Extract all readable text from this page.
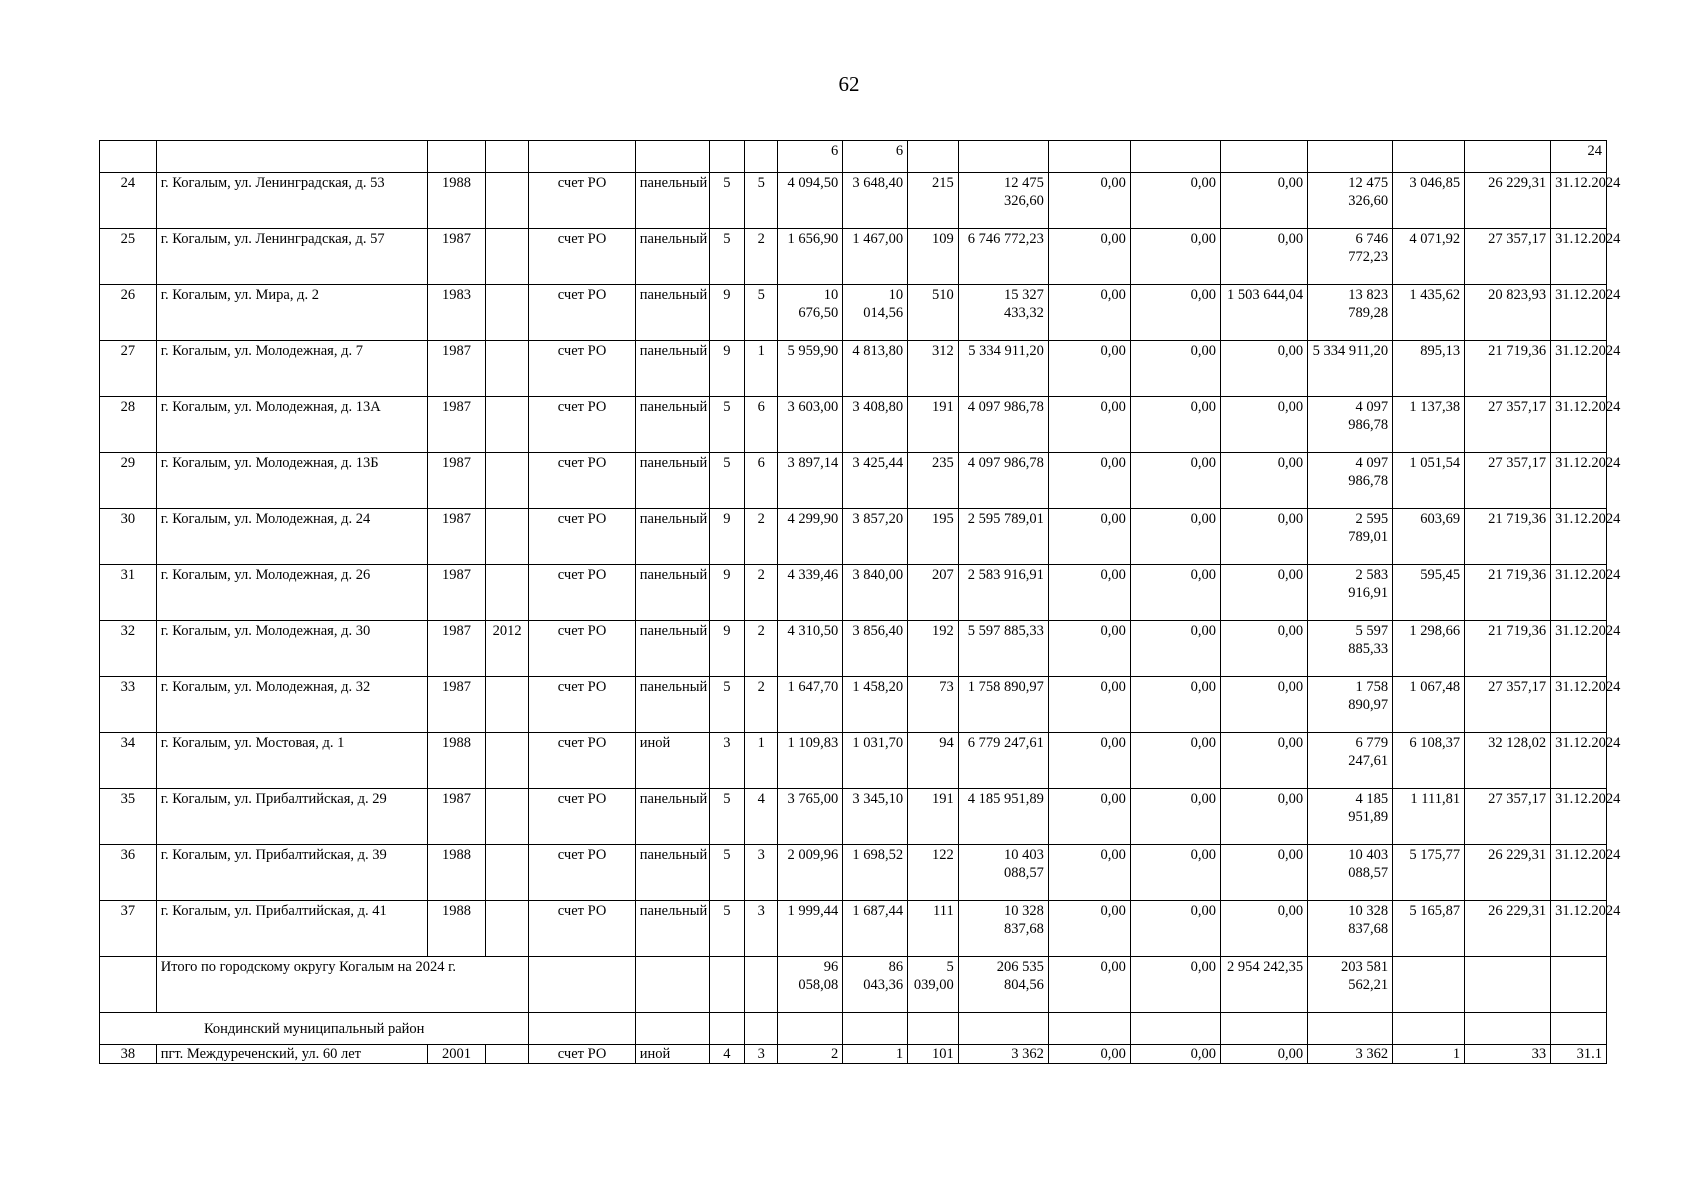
62
								6	6									24
24	г. Когалым, ул. Ленинградская, д. 53	1988		счет РО	панельный	5	5	4 094,50	3 648,40	215	12 475 326,60	0,00	0,00	0,00	12 475 326,60	3 046,85	26 229,31	31.12.2024
25	г. Когалым, ул. Ленинградская, д. 57	1987		счет РО	панельный	5	2	1 656,90	1 467,00	109	6 746 772,23	0,00	0,00	0,00	6 746 772,23	4 071,92	27 357,17	31.12.2024
26	г. Когалым, ул. Мира, д. 2	1983		счет РО	панельный	9	5	10 676,50	10 014,56	510	15 327 433,32	0,00	0,00	1 503 644,04	13 823 789,28	1 435,62	20 823,93	31.12.2024
27	г. Когалым, ул. Молодежная, д. 7	1987		счет РО	панельный	9	1	5 959,90	4 813,80	312	5 334 911,20	0,00	0,00	0,00	5 334 911,20	895,13	21 719,36	31.12.2024
28	г. Когалым, ул. Молодежная, д. 13А	1987		счет РО	панельный	5	6	3 603,00	3 408,80	191	4 097 986,78	0,00	0,00	0,00	4 097 986,78	1 137,38	27 357,17	31.12.2024
29	г. Когалым, ул. Молодежная, д. 13Б	1987		счет РО	панельный	5	6	3 897,14	3 425,44	235	4 097 986,78	0,00	0,00	0,00	4 097 986,78	1 051,54	27 357,17	31.12.2024
30	г. Когалым, ул. Молодежная, д. 24	1987		счет РО	панельный	9	2	4 299,90	3 857,20	195	2 595 789,01	0,00	0,00	0,00	2 595 789,01	603,69	21 719,36	31.12.2024
31	г. Когалым, ул. Молодежная, д. 26	1987		счет РО	панельный	9	2	4 339,46	3 840,00	207	2 583 916,91	0,00	0,00	0,00	2 583 916,91	595,45	21 719,36	31.12.2024
32	г. Когалым, ул. Молодежная, д. 30	1987	2012	счет РО	панельный	9	2	4 310,50	3 856,40	192	5 597 885,33	0,00	0,00	0,00	5 597 885,33	1 298,66	21 719,36	31.12.2024
33	г. Когалым, ул. Молодежная, д. 32	1987		счет РО	панельный	5	2	1 647,70	1 458,20	73	1 758 890,97	0,00	0,00	0,00	1 758 890,97	1 067,48	27 357,17	31.12.2024
34	г. Когалым, ул. Мостовая, д. 1	1988		счет РО	иной	3	1	1 109,83	1 031,70	94	6 779 247,61	0,00	0,00	0,00	6 779 247,61	6 108,37	32 128,02	31.12.2024
35	г. Когалым, ул. Прибалтийская, д. 29	1987		счет РО	панельный	5	4	3 765,00	3 345,10	191	4 185 951,89	0,00	0,00	0,00	4 185 951,89	1 111,81	27 357,17	31.12.2024
36	г. Когалым, ул. Прибалтийская, д. 39	1988		счет РО	панельный	5	3	2 009,96	1 698,52	122	10 403 088,57	0,00	0,00	0,00	10 403 088,57	5 175,77	26 229,31	31.12.2024
37	г. Когалым, ул. Прибалтийская, д. 41	1988		счет РО	панельный	5	3	1 999,44	1 687,44	111	10 328 837,68	0,00	0,00	0,00	10 328 837,68	5 165,87	26 229,31	31.12.2024
	Итого по городскому округу Когалым на 2024 г.							96 058,08	86 043,36	5 039,00	206 535 804,56	0,00	0,00	2 954 242,35	203 581 562,21			
Кондинский муниципальный район																		
38	пгт. Междуреченский, ул. 60 лет	2001		счет РО	иной	4	3	2	1	101	3 362	0,00	0,00	0,00	3 362	1	33	31.1
